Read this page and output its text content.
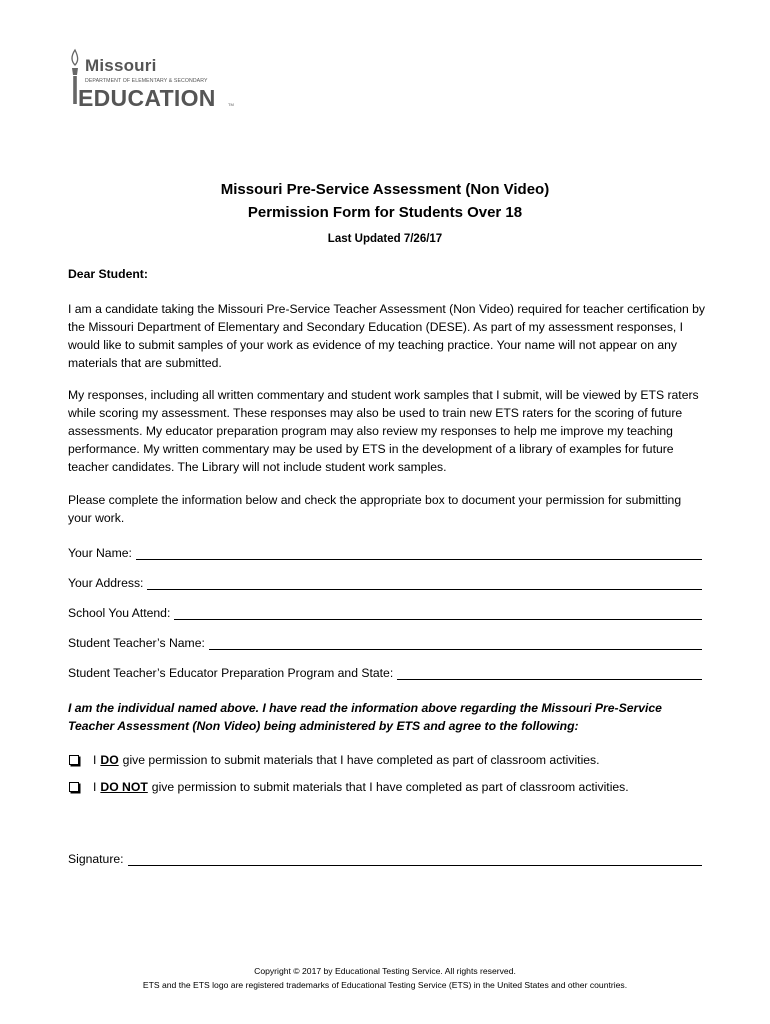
Missouri
DEPARTMENT OF ELEMENTARY & SECONDARY
EDUCATION	TM
Missouri Pre-Service Assessment (Non Video)
Permission Form for Students Over 18
Last Updated 7/26/17
Dear Student:
I am a candidate taking the Missouri Pre-Service Teacher Assessment (Non Video) required for teacher certification by the Missouri Department of Elementary and Secondary Education (DESE). As part of my assessment responses, I would like to submit samples of your work as evidence of my teaching practice. Your name will not appear on any materials that are submitted.
My responses, including all written commentary and student work samples that I submit, will be viewed by ETS raters while scoring my assessment. These responses may also be used to train new ETS raters for the scoring of future assessments. My educator preparation program may also review my responses to help me improve my teaching performance. My written commentary may be used by ETS in the development of a library of examples for future teacher candidates. The Library will not include student work samples.
Please complete the information below and check the appropriate box to document your permission for submitting your work.
Your Name:
Your Address:
School You Attend:
Student Teacher’s Name:
Student Teacher’s Educator Preparation Program and State:
I am the individual named above. I have read the information above regarding the Missouri Pre-Service Teacher Assessment (Non Video) being administered by ETS and agree to the following:
I DO give permission to submit materials that I have completed as part of classroom activities.
I DO NOT give permission to submit materials that I have completed as part of classroom activities.
Signature:
Copyright © 2017 by Educational Testing Service. All rights reserved.
ETS and the ETS logo are registered trademarks of Educational Testing Service (ETS) in the United States and other countries.
